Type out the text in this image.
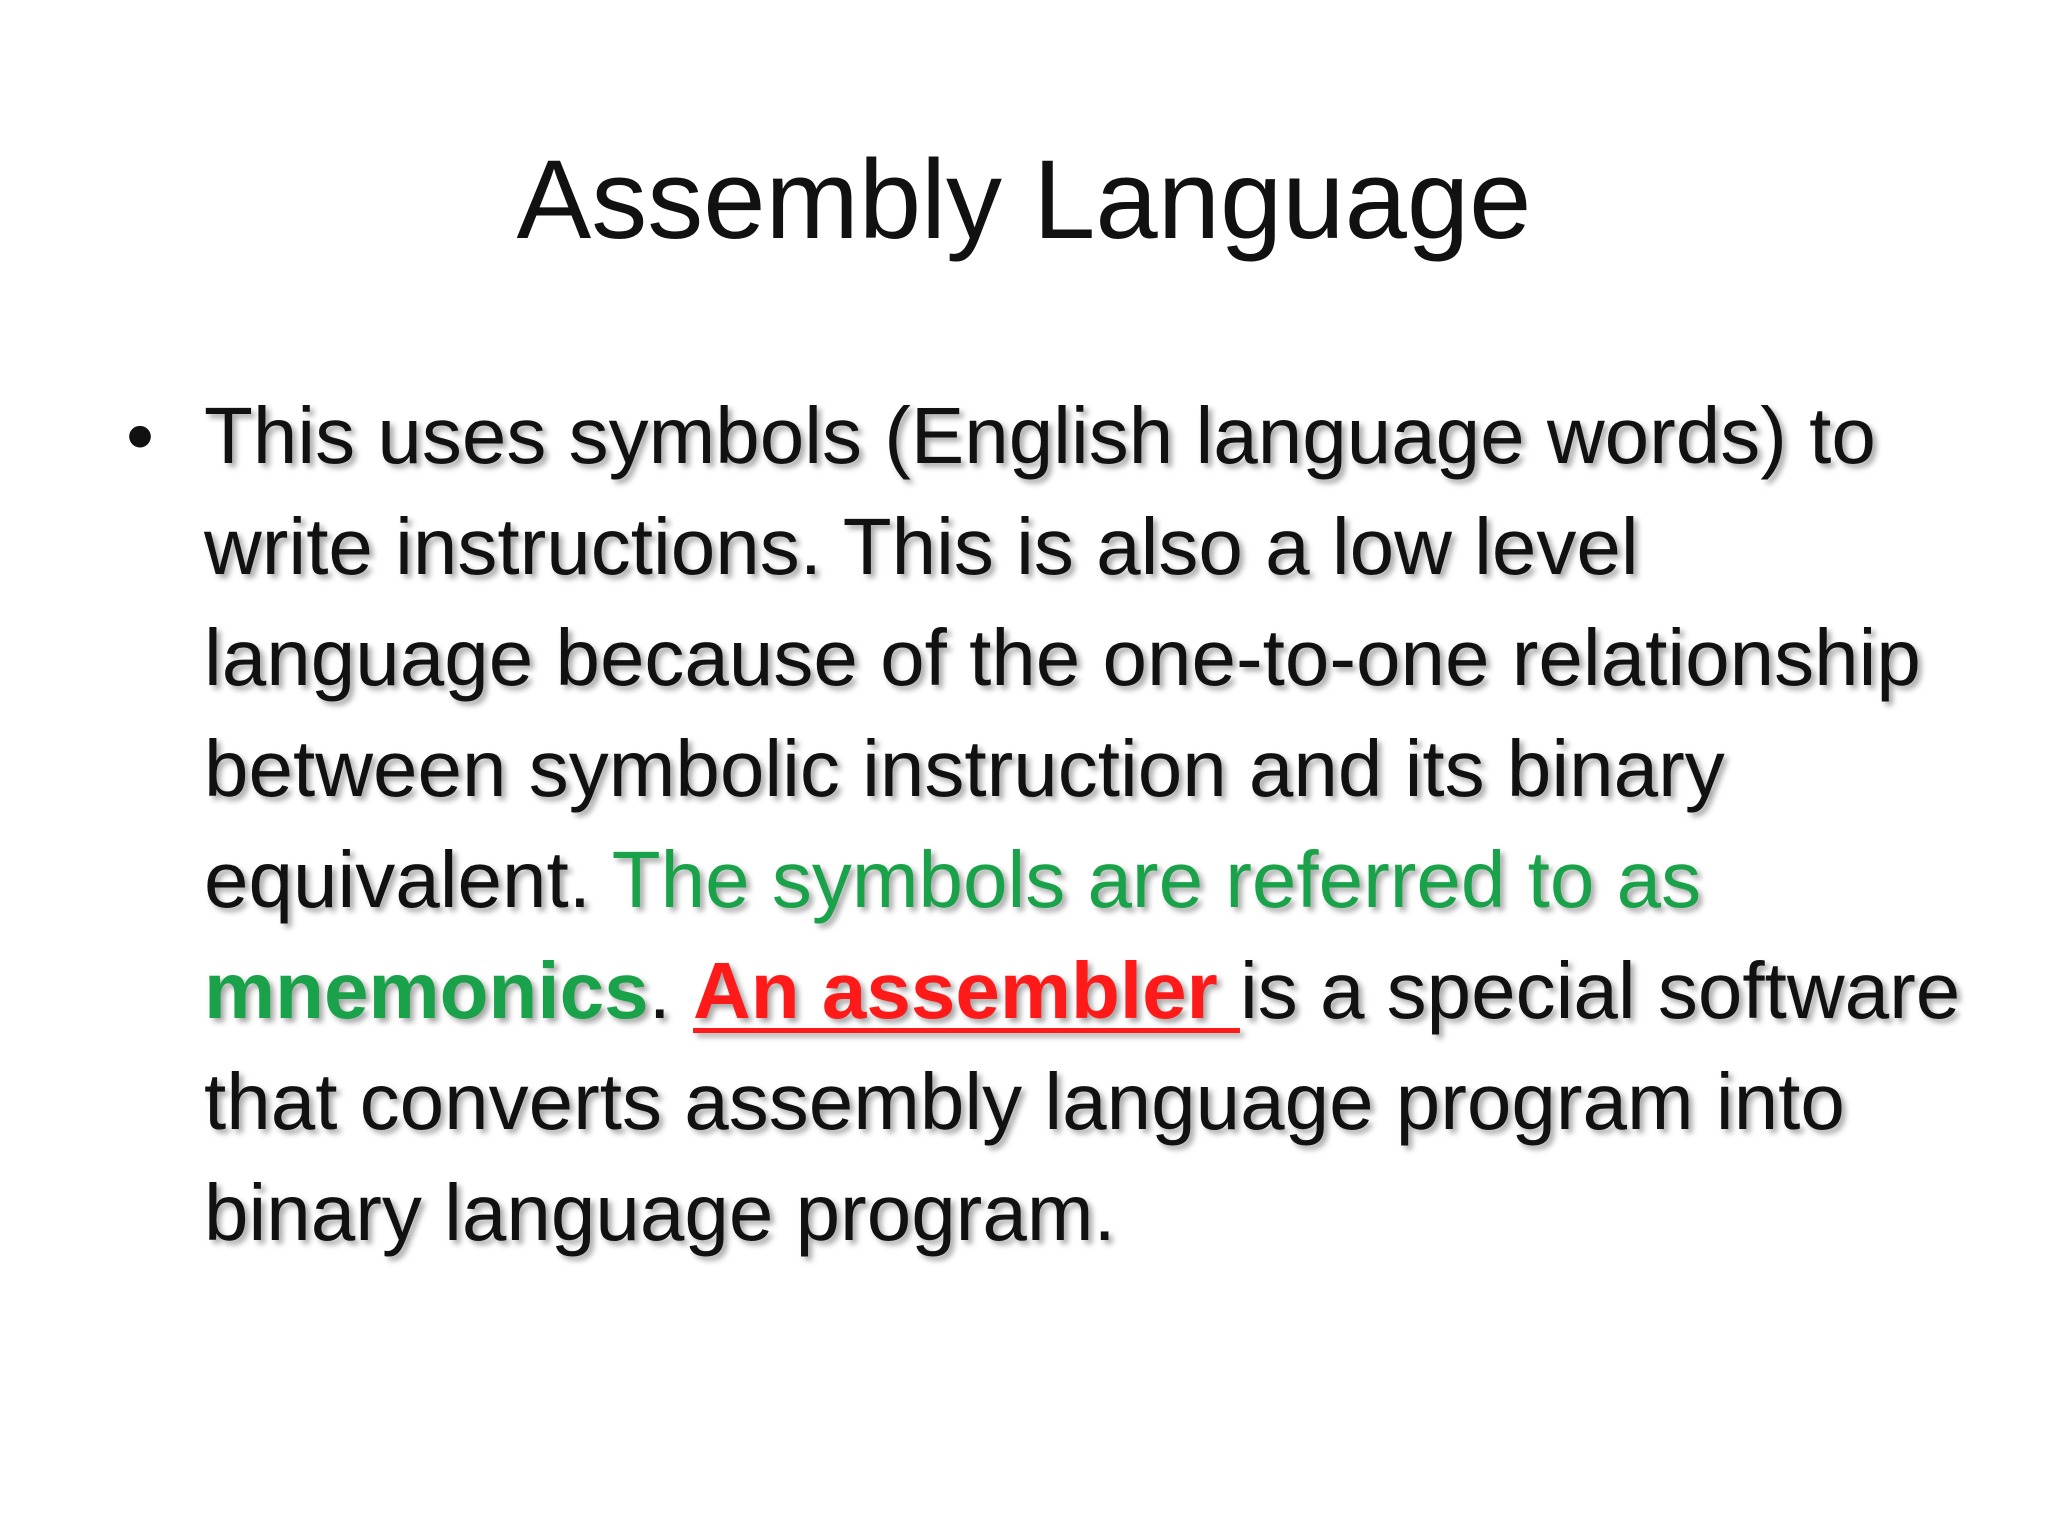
Assembly Language
• This uses symbols (English language words) to write instructions. This is also a low level language because of the one-to-one relationship between symbolic instruction and its binary equivalent. The symbols are referred to as mnemonics. An assembler is a special software that converts assembly language program into binary language program.
